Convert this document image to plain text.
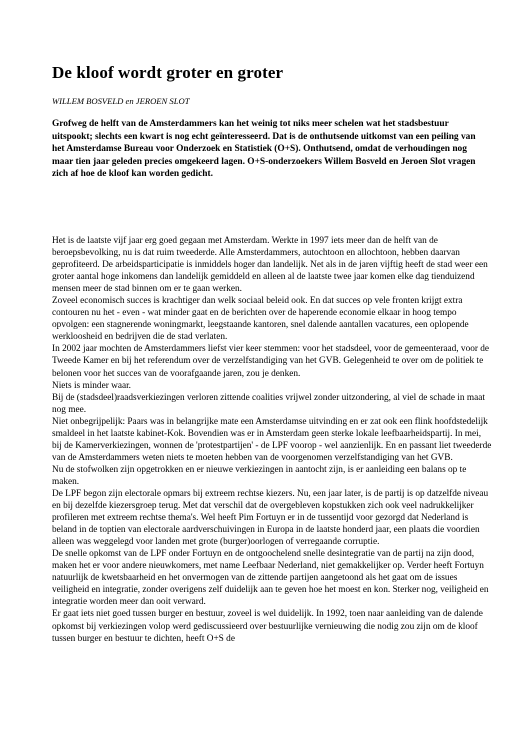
De kloof wordt groter en groter

WILLEM BOSVELD en JEROEN SLOT

Grofweg de helft van de Amsterdammers kan het weinig tot niks meer schelen wat het stadsbestuur uitspookt; slechts een kwart is nog echt geïnteresseerd. Dat is de onthutsende uitkomst van een peiling van het Amsterdamse Bureau voor Onderzoek en Statistiek (O+S). Onthutsend, omdat de verhoudingen nog maar tien jaar geleden precies omgekeerd lagen. O+S-onderzoekers Willem Bosveld en Jeroen Slot vragen zich af hoe de kloof kan worden gedicht.

Het is de laatste vijf jaar erg goed gegaan met Amsterdam. Werkte in 1997 iets meer dan de helft van de beroepsbevolking, nu is dat ruim tweederde. Alle Amsterdammers, autochtoon en allochtoon, hebben daarvan geprofiteerd. De arbeidsparticipatie is inmiddels hoger dan landelijk. Net als in de jaren vijftig heeft de stad weer een groter aantal hoge inkomens dan landelijk gemiddeld en alleen al de laatste twee jaar komen elke dag tienduizend mensen meer de stad binnen om er te gaan werken.

Zoveel economisch succes is krachtiger dan welk sociaal beleid ook. En dat succes op vele fronten krijgt extra contouren nu het - even - wat minder gaat en de berichten over de haperende economie elkaar in hoog tempo opvolgen: een stagnerende woningmarkt, leegstaande kantoren, snel dalende aantallen vacatures, een oplopende werkloosheid en bedrijven die de stad verlaten.

In 2002 jaar mochten de Amsterdammers liefst vier keer stemmen: voor het stadsdeel, voor de gemeenteraad, voor de Tweede Kamer en bij het referendum over de verzelfstandiging van het GVB. Gelegenheid te over om de politiek te belonen voor het succes van de voorafgaande jaren, zou je denken.

Niets is minder waar.

Bij de (stadsdeel)raadsverkiezingen verloren zittende coalities vrijwel zonder uitzondering, al viel de schade in maat nog mee.

Niet onbegrijpelijk: Paars was in belangrijke mate een Amsterdamse uitvinding en er zat ook een flink hoofdstedelijk smaldeel in het laatste kabinet-Kok. Bovendien was er in Amsterdam geen sterke lokale leefbaarheidspartij. In mei, bij de Kamerverkiezingen, wonnen de 'protestpartijen' - de LPF voorop - wel aanzienlijk. En en passant liet tweederde van de Amsterdammers weten niets te moeten hebben van de voorgenomen verzelfstandiging van het GVB.

Nu de stofwolken zijn opgetrokken en er nieuwe verkiezingen in aantocht zijn, is er aanleiding een balans op te maken.

De LPF begon zijn electorale opmars bij extreem rechtse kiezers. Nu, een jaar later, is de partij is op datzelfde niveau en bij dezelfde kiezersgroep terug. Met dat verschil dat de overgebleven kopstukken zich ook veel nadrukkelijker profileren met extreem rechtse thema's. Wel heeft Pim Fortuyn er in de tussentijd voor gezorgd dat Nederland is beland in de toptien van electorale aardverschuivingen in Europa in de laatste honderd jaar, een plaats die voordien alleen was weggelegd voor landen met grote (burger)oorlogen of verregaande corruptie.

De snelle opkomst van de LPF onder Fortuyn en de ontgoochelend snelle desintegratie van de partij na zijn dood, maken het er voor andere nieuwkomers, met name Leefbaar Nederland, niet gemakkelijker op. Verder heeft Fortuyn natuurlijk de kwetsbaarheid en het onvermogen van de zittende partijen aangetoond als het gaat om de issues veiligheid en integratie, zonder overigens zelf duidelijk aan te geven hoe het moest en kon. Sterker nog, veiligheid en integratie worden meer dan ooit verward.

Er gaat iets niet goed tussen burger en bestuur, zoveel is wel duidelijk. In 1992, toen naar aanleiding van de dalende opkomst bij verkiezingen volop werd gediscussieerd over bestuurlijke vernieuwing die nodig zou zijn om de kloof tussen burger en bestuur te dichten, heeft O+S de
